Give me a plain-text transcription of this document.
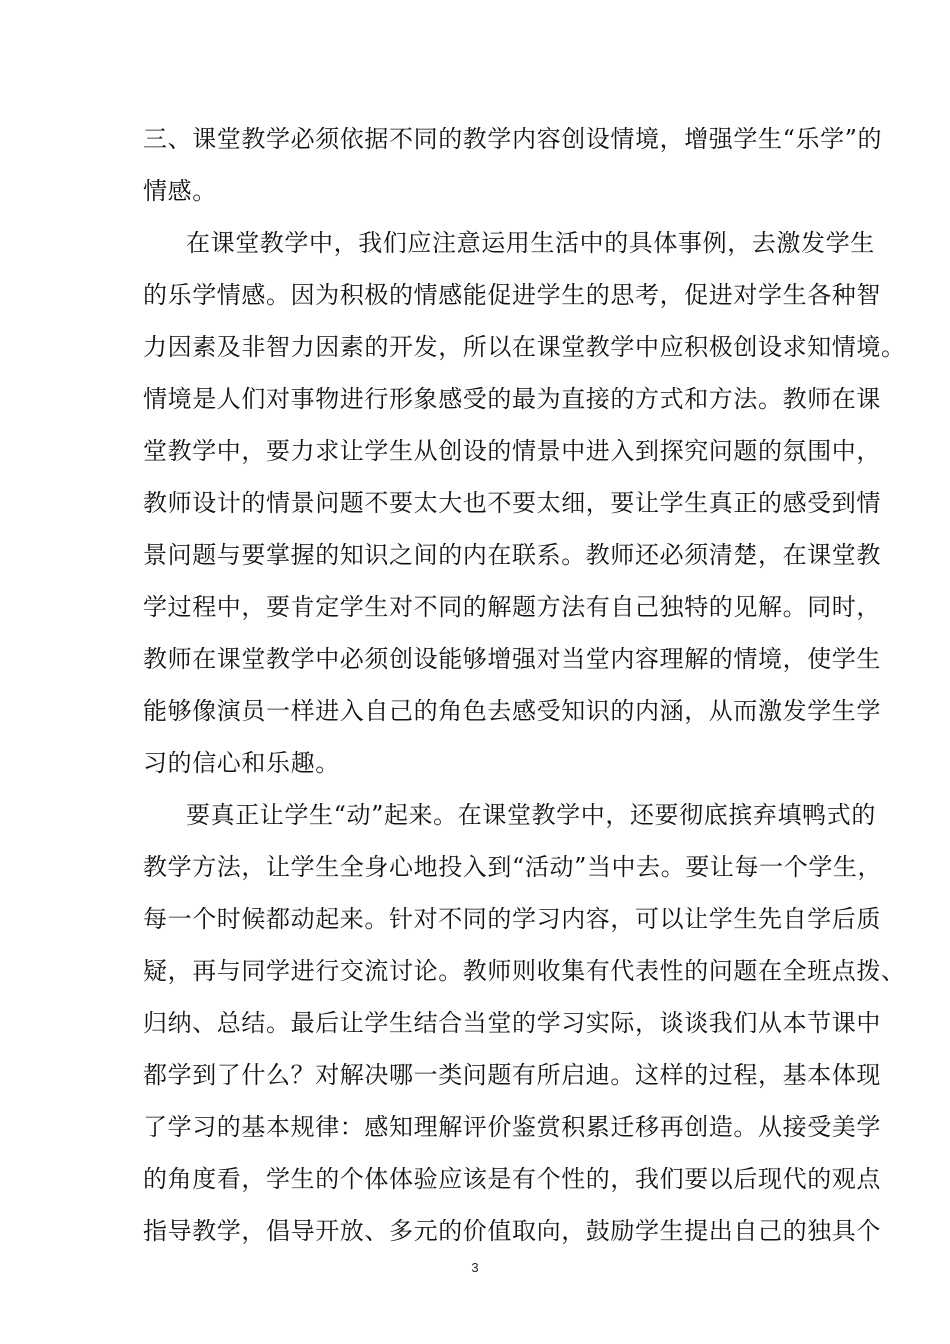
三、课堂教学必须依据不同的教学内容创设情境，增强学生“乐学”的
情感。
在课堂教学中，我们应注意运用生活中的具体事例，去激发学生
的乐学情感。因为积极的情感能促进学生的思考，促进对学生各种智
力因素及非智力因素的开发，所以在课堂教学中应积极创设求知情境。
情境是人们对事物进行形象感受的最为直接的方式和方法。教师在课
堂教学中，要力求让学生从创设的情景中进入到探究问题的氛围中，
教师设计的情景问题不要太大也不要太细，要让学生真正的感受到情
景问题与要掌握的知识之间的内在联系。教师还必须清楚，在课堂教
学过程中，要肯定学生对不同的解题方法有自己独特的见解。同时，
教师在课堂教学中必须创设能够增强对当堂内容理解的情境，使学生
能够像演员一样进入自己的角色去感受知识的内涵，从而激发学生学
习的信心和乐趣。
要真正让学生“动”起来。在课堂教学中，还要彻底摈弃填鸭式的
教学方法，让学生全身心地投入到“活动”当中去。要让每一个学生，
每一个时候都动起来。针对不同的学习内容，可以让学生先自学后质
疑，再与同学进行交流讨论。教师则收集有代表性的问题在全班点拨、
归纳、总结。最后让学生结合当堂的学习实际，谈谈我们从本节课中
都学到了什么？对解决哪一类问题有所启迪。这样的过程，基本体现
了学习的基本规律：感知理解评价鉴赏积累迁移再创造。从接受美学
的角度看，学生的个体体验应该是有个性的，我们要以后现代的观点
指导教学，倡导开放、多元的价值取向，鼓励学生提出自己的独具个
3
